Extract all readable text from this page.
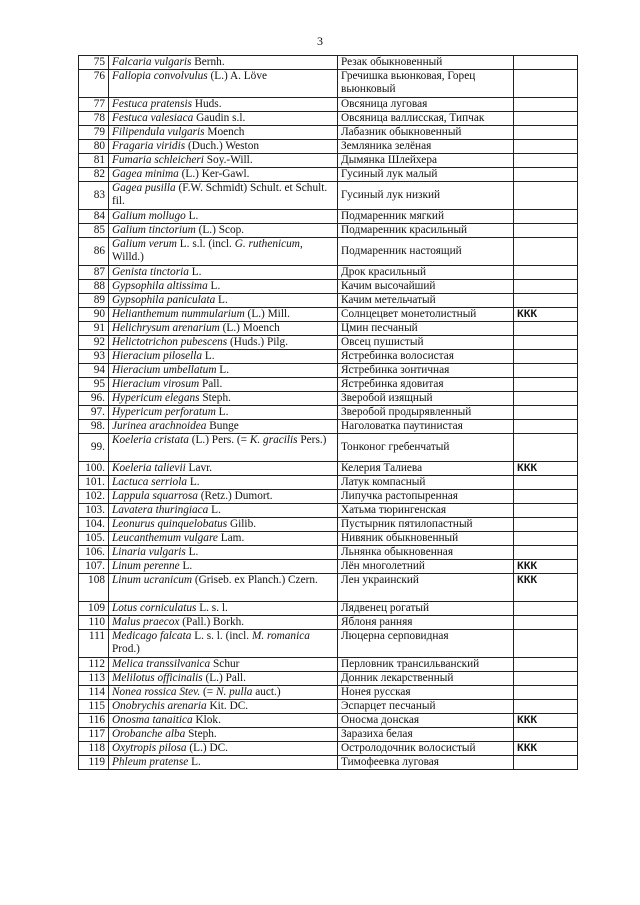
3
75	Falcaria vulgaris Bernh.	Резак обыкновенный	
76	Fallopia convolvulus (L.) A. Löve	Гречишка вьюнковая, Горец вьюнковый	
77	Festuca pratensis Huds.	Овсяница луговая	
78	Festuca valesiaca Gaudin s.l.	Овсяница валлисская, Типчак	
79	Filipendula vulgaris Moench	Лабазник обыкновенный	
80	Fragaria viridis (Duch.) Weston	Земляника зелёная	
81	Fumaria schleicheri Soy.-Will.	Дымянка Шлейхера	
82	Gagea minima (L.) Ker-Gawl.	Гусиный лук малый	
83	Gagea pusilla (F.W. Schmidt) Schult. et Schult. fil.	Гусиный лук низкий	
84	Galium mollugo L.	Подмаренник мягкий	
85	Galium tinctorium (L.) Scop.	Подмаренник красильный	
86	Galium verum L. s.l. (incl. G. ruthenicum, Willd.)	Подмаренник настоящий	
87	Genista tinctoria L.	Дрок красильный	
88	Gypsophila altissima L.	Качим высочайший	
89	Gypsophila paniculata L.	Качим метельчатый	
90	Helianthemum nummularium (L.) Mill.	Солнцецвет монетолистный	ККК
91	Helichrysum arenarium (L.) Moench	Цмин песчаный	
92	Helictotrichon pubescens (Huds.) Pilg.	Овсец пушистый	
93	Hieracium pilosella L.	Ястребинка волосистая	
94	Hieracium umbellatum L.	Ястребинка зонтичная	
95	Hieracium virosum Pall.	Ястребинка ядовитая	
96.	Hypericum elegans Steph.	Зверобой изящный	
97.	Hypericum perforatum L.	Зверобой продырявленный	
98.	Jurinea arachnoidea Bunge	Наголоватка паутинистая	
99.	Koeleria cristata (L.) Pers. (= K. gracilis Pers.)	Тонконог гребенчатый	
100.	Koeleria talievii Lavr.	Келерия Талиева	ККК
101.	Lactuca serriola L.	Латук компасный	
102.	Lappula squarrosa (Retz.) Dumort.	Липучка растопыренная	
103.	Lavatera thuringiaca L.	Хатьма тюрингенская	
104.	Leonurus quinquelobatus Gilib.	Пустырник пятилопастный	
105.	Leucanthemum vulgare Lam.	Нивяник обыкновенный	
106.	Linaria vulgaris L.	Льнянка обыкновенная	
107.	Linum perenne L.	Лён многолетний	ККК
108	Linum ucranicum (Griseb. ex Planch.) Czern.	Лен украинский	ККК
109	Lotus corniculatus L. s. l.	Лядвенец рогатый	
110	Malus praecox (Pall.) Borkh.	Яблоня ранняя	
111	Medicago falcata L. s. l. (incl. M. romanica Prod.)	Люцерна серповидная	
112	Melica transsilvanica Schur	Перловник трансильванский	
113	Melilotus officinalis (L.) Pall.	Донник лекарственный	
114	Nonea rossica Stev. (= N. pulla auct.)	Нонея русская	
115	Onobrychis arenaria Kit. DC.	Эспарцет песчаный	
116	Onosma tanaitica Klok.	Оносма донская	ККК
117	Orobanche alba Steph.	Заразиха белая	
118	Oxytropis pilosa (L.) DC.	Остролодочник волосистый	ККК
119	Phleum pratense L.	Тимофеевка луговая	
